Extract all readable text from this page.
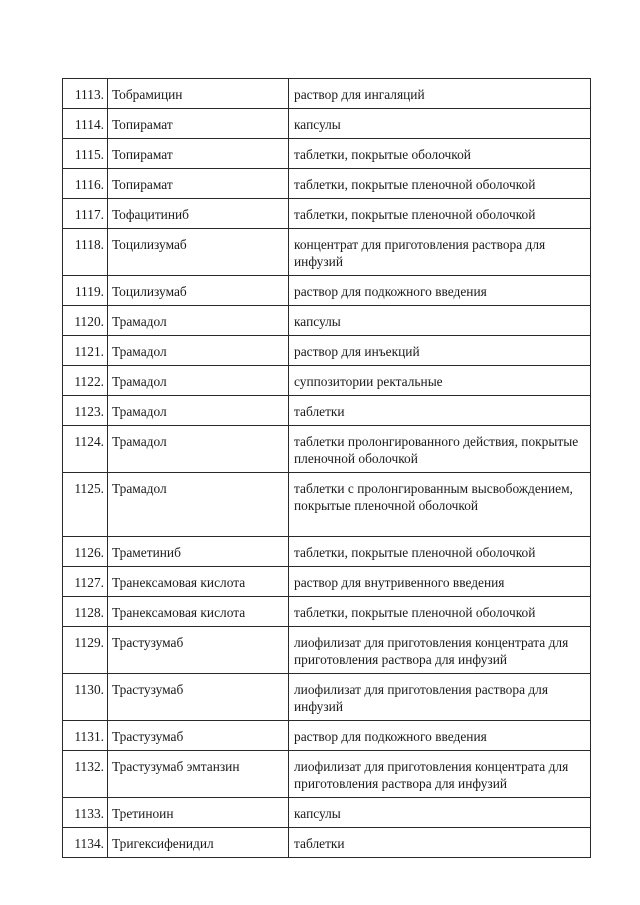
1113.	Тобрамицин	раствор для ингаляций
1114.	Топирамат	капсулы
1115.	Топирамат	таблетки, покрытые оболочкой
1116.	Топирамат	таблетки, покрытые пленочной оболочкой
1117.	Тофацитиниб	таблетки, покрытые пленочной оболочкой
1118.	Тоцилизумаб	концентрат для приготовления раствора для инфузий
1119.	Тоцилизумаб	раствор для подкожного введения
1120.	Трамадол	капсулы
1121.	Трамадол	раствор для инъекций
1122.	Трамадол	суппозитории ректальные
1123.	Трамадол	таблетки
1124.	Трамадол	таблетки пролонгированного действия, покрытые пленочной оболочкой
1125.	Трамадол	таблетки с пролонгированным высвобождением, покрытые пленочной оболочкой
1126.	Траметиниб	таблетки, покрытые пленочной оболочкой
1127.	Транексамовая кислота	раствор для внутривенного введения
1128.	Транексамовая кислота	таблетки, покрытые пленочной оболочкой
1129.	Трастузумаб	лиофилизат для приготовления концентрата для приготовления раствора для инфузий
1130.	Трастузумаб	лиофилизат для приготовления раствора для инфузий
1131.	Трастузумаб	раствор для подкожного введения
1132.	Трастузумаб эмтанзин	лиофилизат для приготовления концентрата для приготовления раствора для инфузий
1133.	Третиноин	капсулы
1134.	Тригексифенидил	таблетки
